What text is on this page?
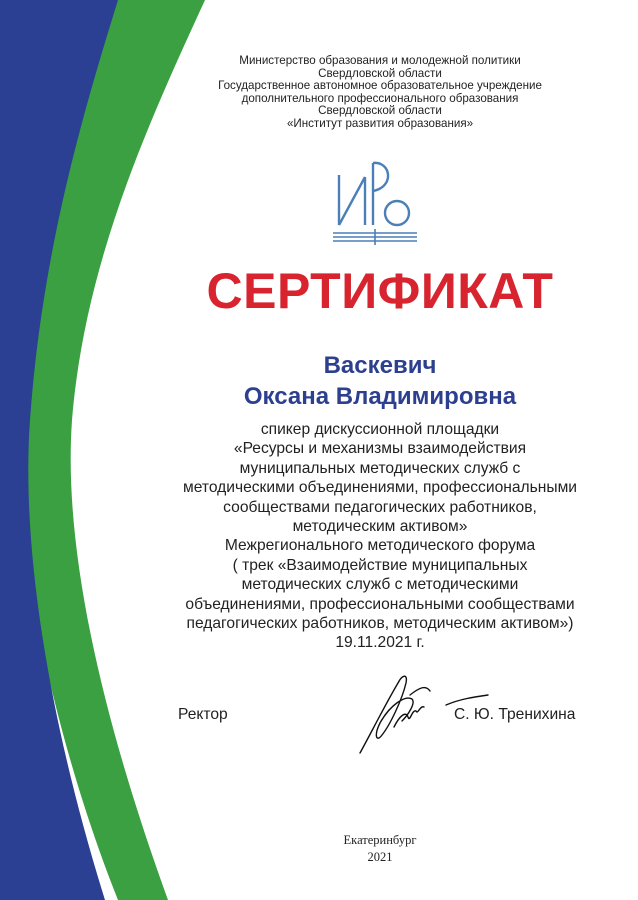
Министерство образования и молодежной политики
Свердловской области
Государственное автономное образовательное учреждение
дополнительного профессионального образования
Свердловской области
«Институт развития образования»
СЕРТИФИКАТ
Васкевич
Оксана Владимировна
спикер дискуссионной площадки
«Ресурсы и механизмы взаимодействия
муниципальных методических служб с
методическими объединениями, профессиональными
сообществами педагогических работников,
методическим активом»
Межрегионального методического форума
( трек «Взаимодействие муниципальных
методических служб с методическими
объединениями, профессиональными сообществами
педагогических работников, методическим активом»)
19.11.2021 г.
Ректор	С. Ю. Тренихина
Екатеринбург
2021
